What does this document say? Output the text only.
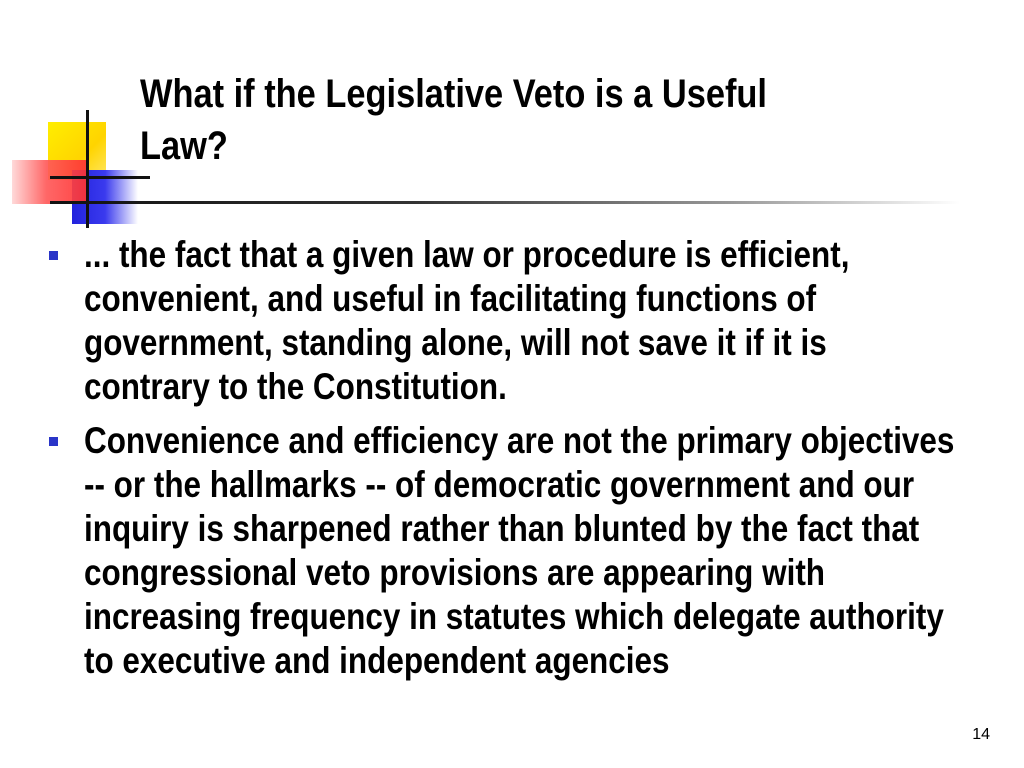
What if the Legislative Veto is a Useful Law?
... the fact that a given law or procedure is efficient, convenient, and useful in facilitating functions of government, standing alone, will not save it if it is contrary to the Constitution.
Convenience and efficiency are not the primary objectives -- or the hallmarks -- of democratic government and our inquiry is sharpened rather than blunted by the fact that congressional veto provisions are appearing with increasing frequency in statutes which delegate authority to executive and independent agencies
14
